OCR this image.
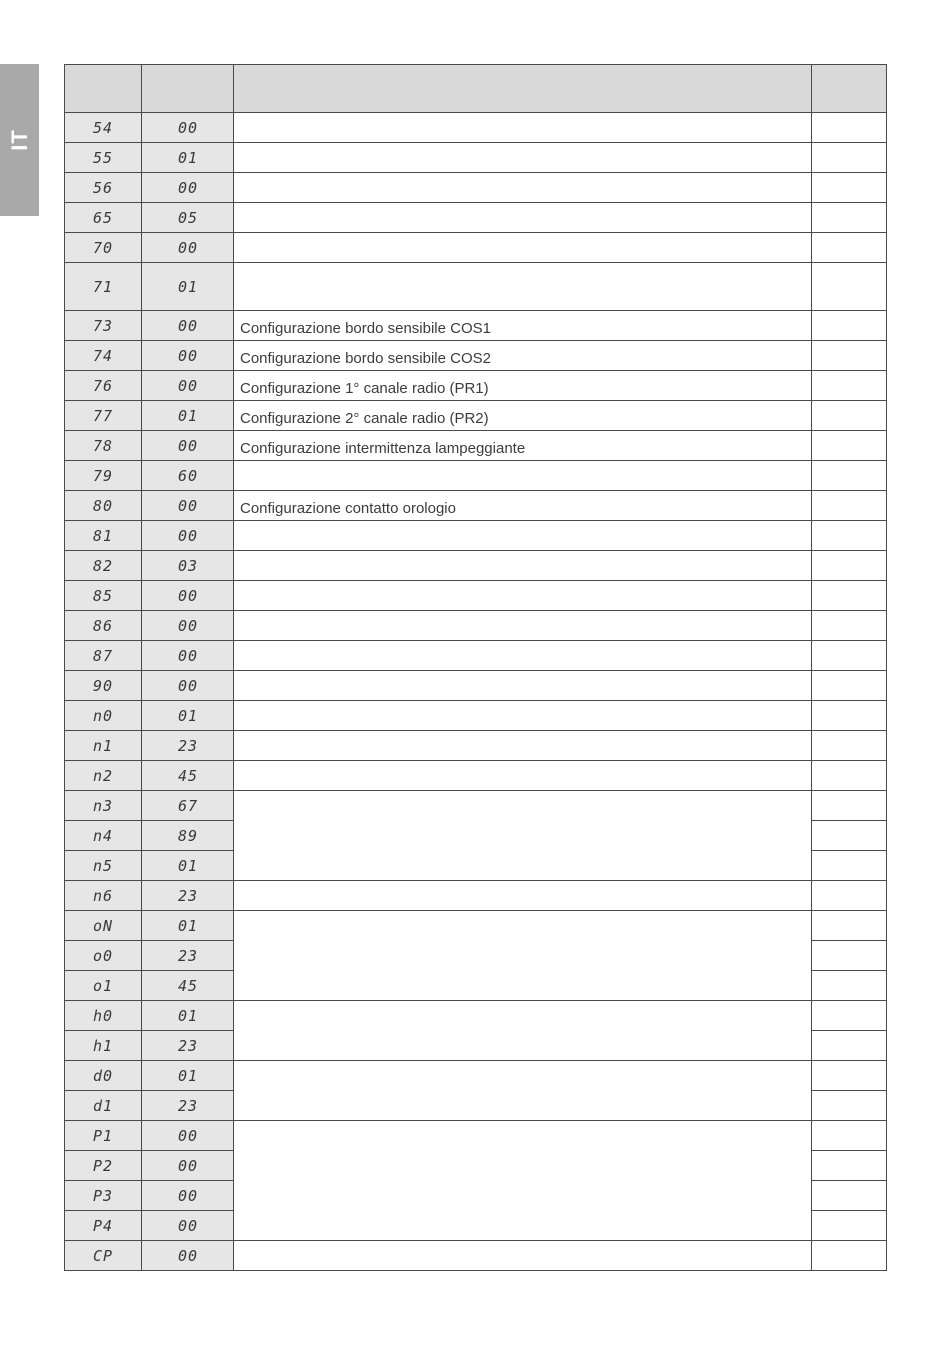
IT

54	00		
55	01		
56	00		
65	05		
70	00		
71	01		
73	00	Configurazione bordo sensibile COS1	
74	00	Configurazione bordo sensibile COS2	
76	00	Configurazione 1° canale radio (PR1)	
77	01	Configurazione 2° canale radio (PR2)	
78	00	Configurazione intermittenza lampeggiante	
79	60		
80	00	Configurazione contatto orologio	
81	00		
82	03		
85	00		
86	00		
87	00		
90	00		
n0	01		
n1	23		
n2	45		
n3	67		
n4	89		
n5	01		
n6	23		
oN	01		
o0	23		
o1	45		
h0	01		
h1	23		
d0	01		
d1	23		
P1	00		
P2	00		
P3	00		
P4	00		
CP	00		
